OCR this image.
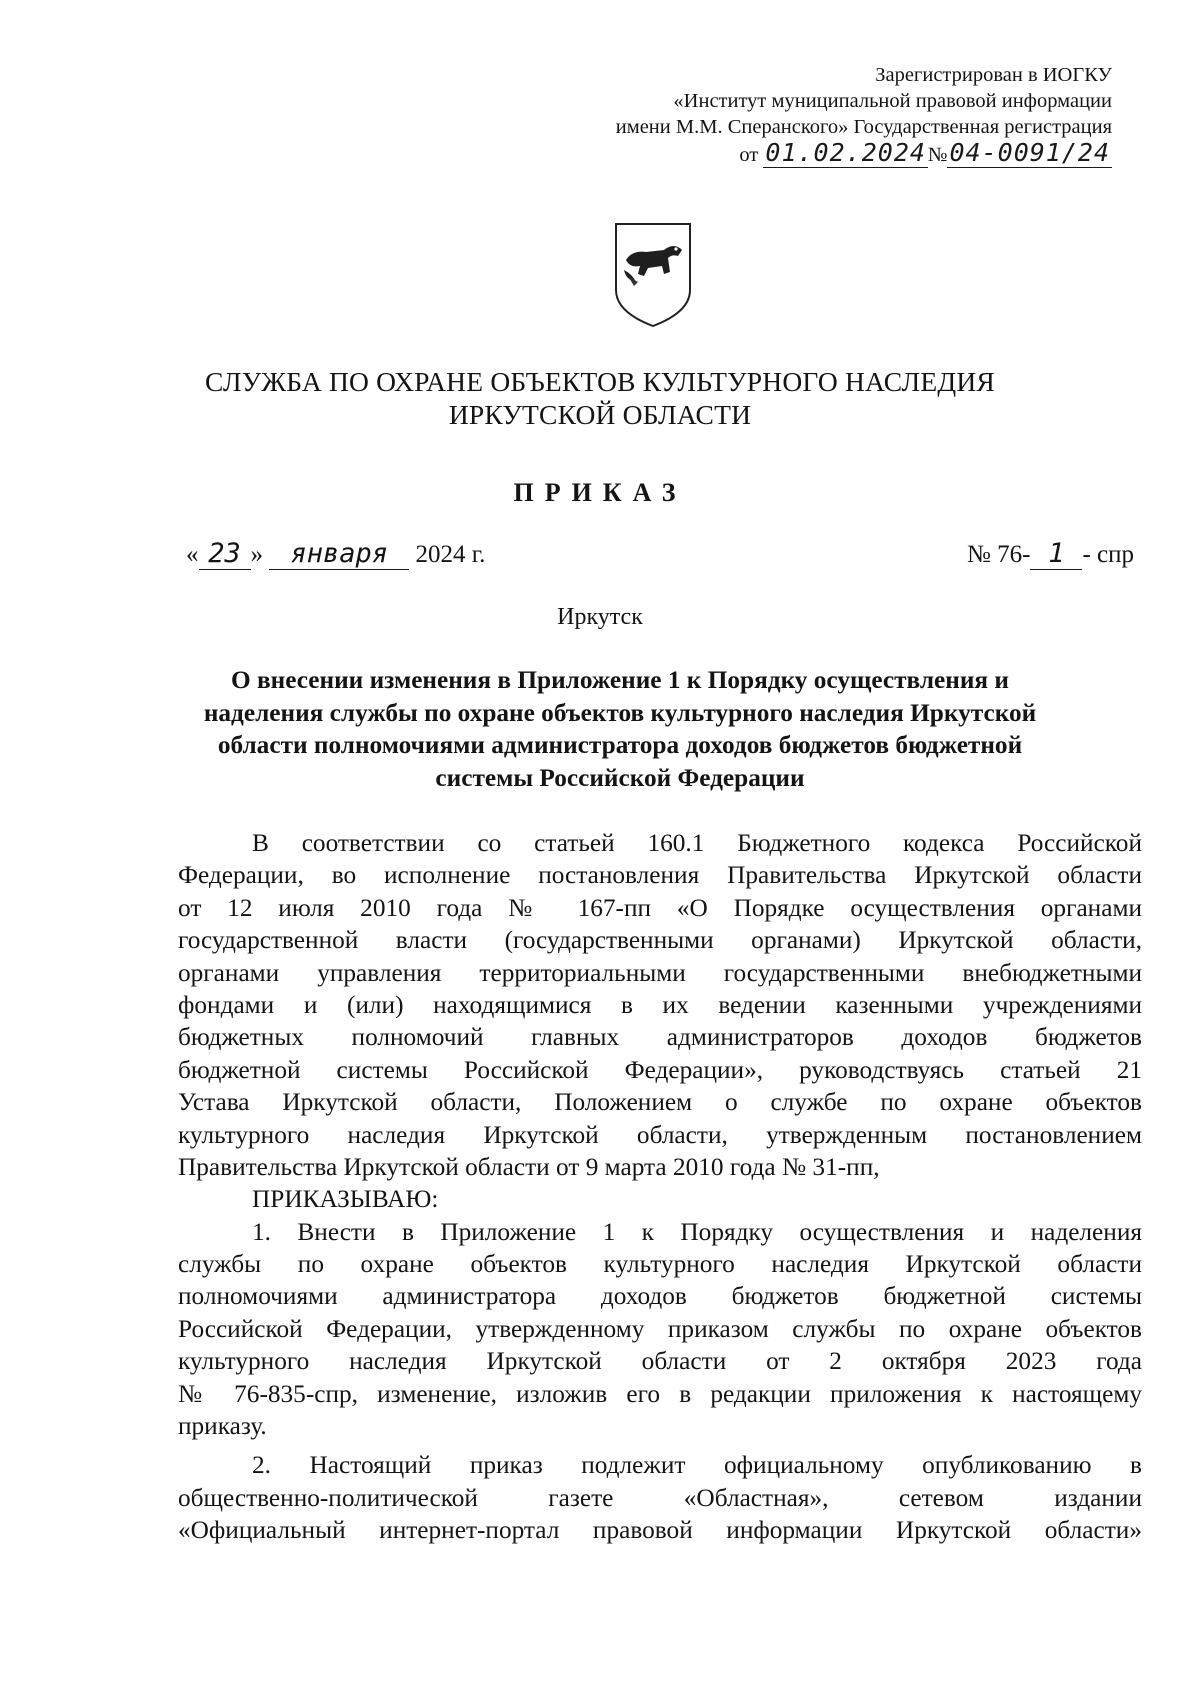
Зарегистрирован в ИОГКУ
«Институт муниципальной правовой информации
имени М.М. Сперанского» Государственная регистрация
от 01.02.2024№04-0091/24
СЛУЖБА ПО ОХРАНЕ ОБЪЕКТОВ КУЛЬТУРНОГО НАСЛЕДИЯ
ИРКУТСКОЙ ОБЛАСТИ
ПРИКАЗ
« 23 » января 2024 г.	№ 76- 1 - спр
Иркутск
О внесении изменения в Приложение 1 к Порядку осуществления и
наделения службы по охране объектов культурного наследия Иркутской
области полномочиями администратора доходов бюджетов бюджетной
системы Российской Федерации
В соответствии со статьей 160.1 Бюджетного кодекса Российской
Федерации, во исполнение постановления Правительства Иркутской области
от 12 июля 2010 года № 167-пп «О Порядке осуществления органами
государственной власти (государственными органами) Иркутской области,
органами управления территориальными государственными внебюджетными
фондами и (или) находящимися в их ведении казенными учреждениями
бюджетных полномочий главных администраторов доходов бюджетов
бюджетной системы Российской Федерации», руководствуясь статьей 21
Устава Иркутской области, Положением о службе по охране объектов
культурного наследия Иркутской области, утвержденным постановлением
Правительства Иркутской области от 9 марта 2010 года № 31-пп,
ПРИКАЗЫВАЮ:
1. Внести в Приложение 1 к Порядку осуществления и наделения
службы по охране объектов культурного наследия Иркутской области
полномочиями администратора доходов бюджетов бюджетной системы
Российской Федерации, утвержденному приказом службы по охране объектов
культурного наследия Иркутской области от 2 октября 2023 года
№ 76-835-спр, изменение, изложив его в редакции приложения к настоящему
приказу.
2. Настоящий приказ подлежит официальному опубликованию в
общественно-политической газете «Областная», сетевом издании
«Официальный интернет-портал правовой информации Иркутской области»
